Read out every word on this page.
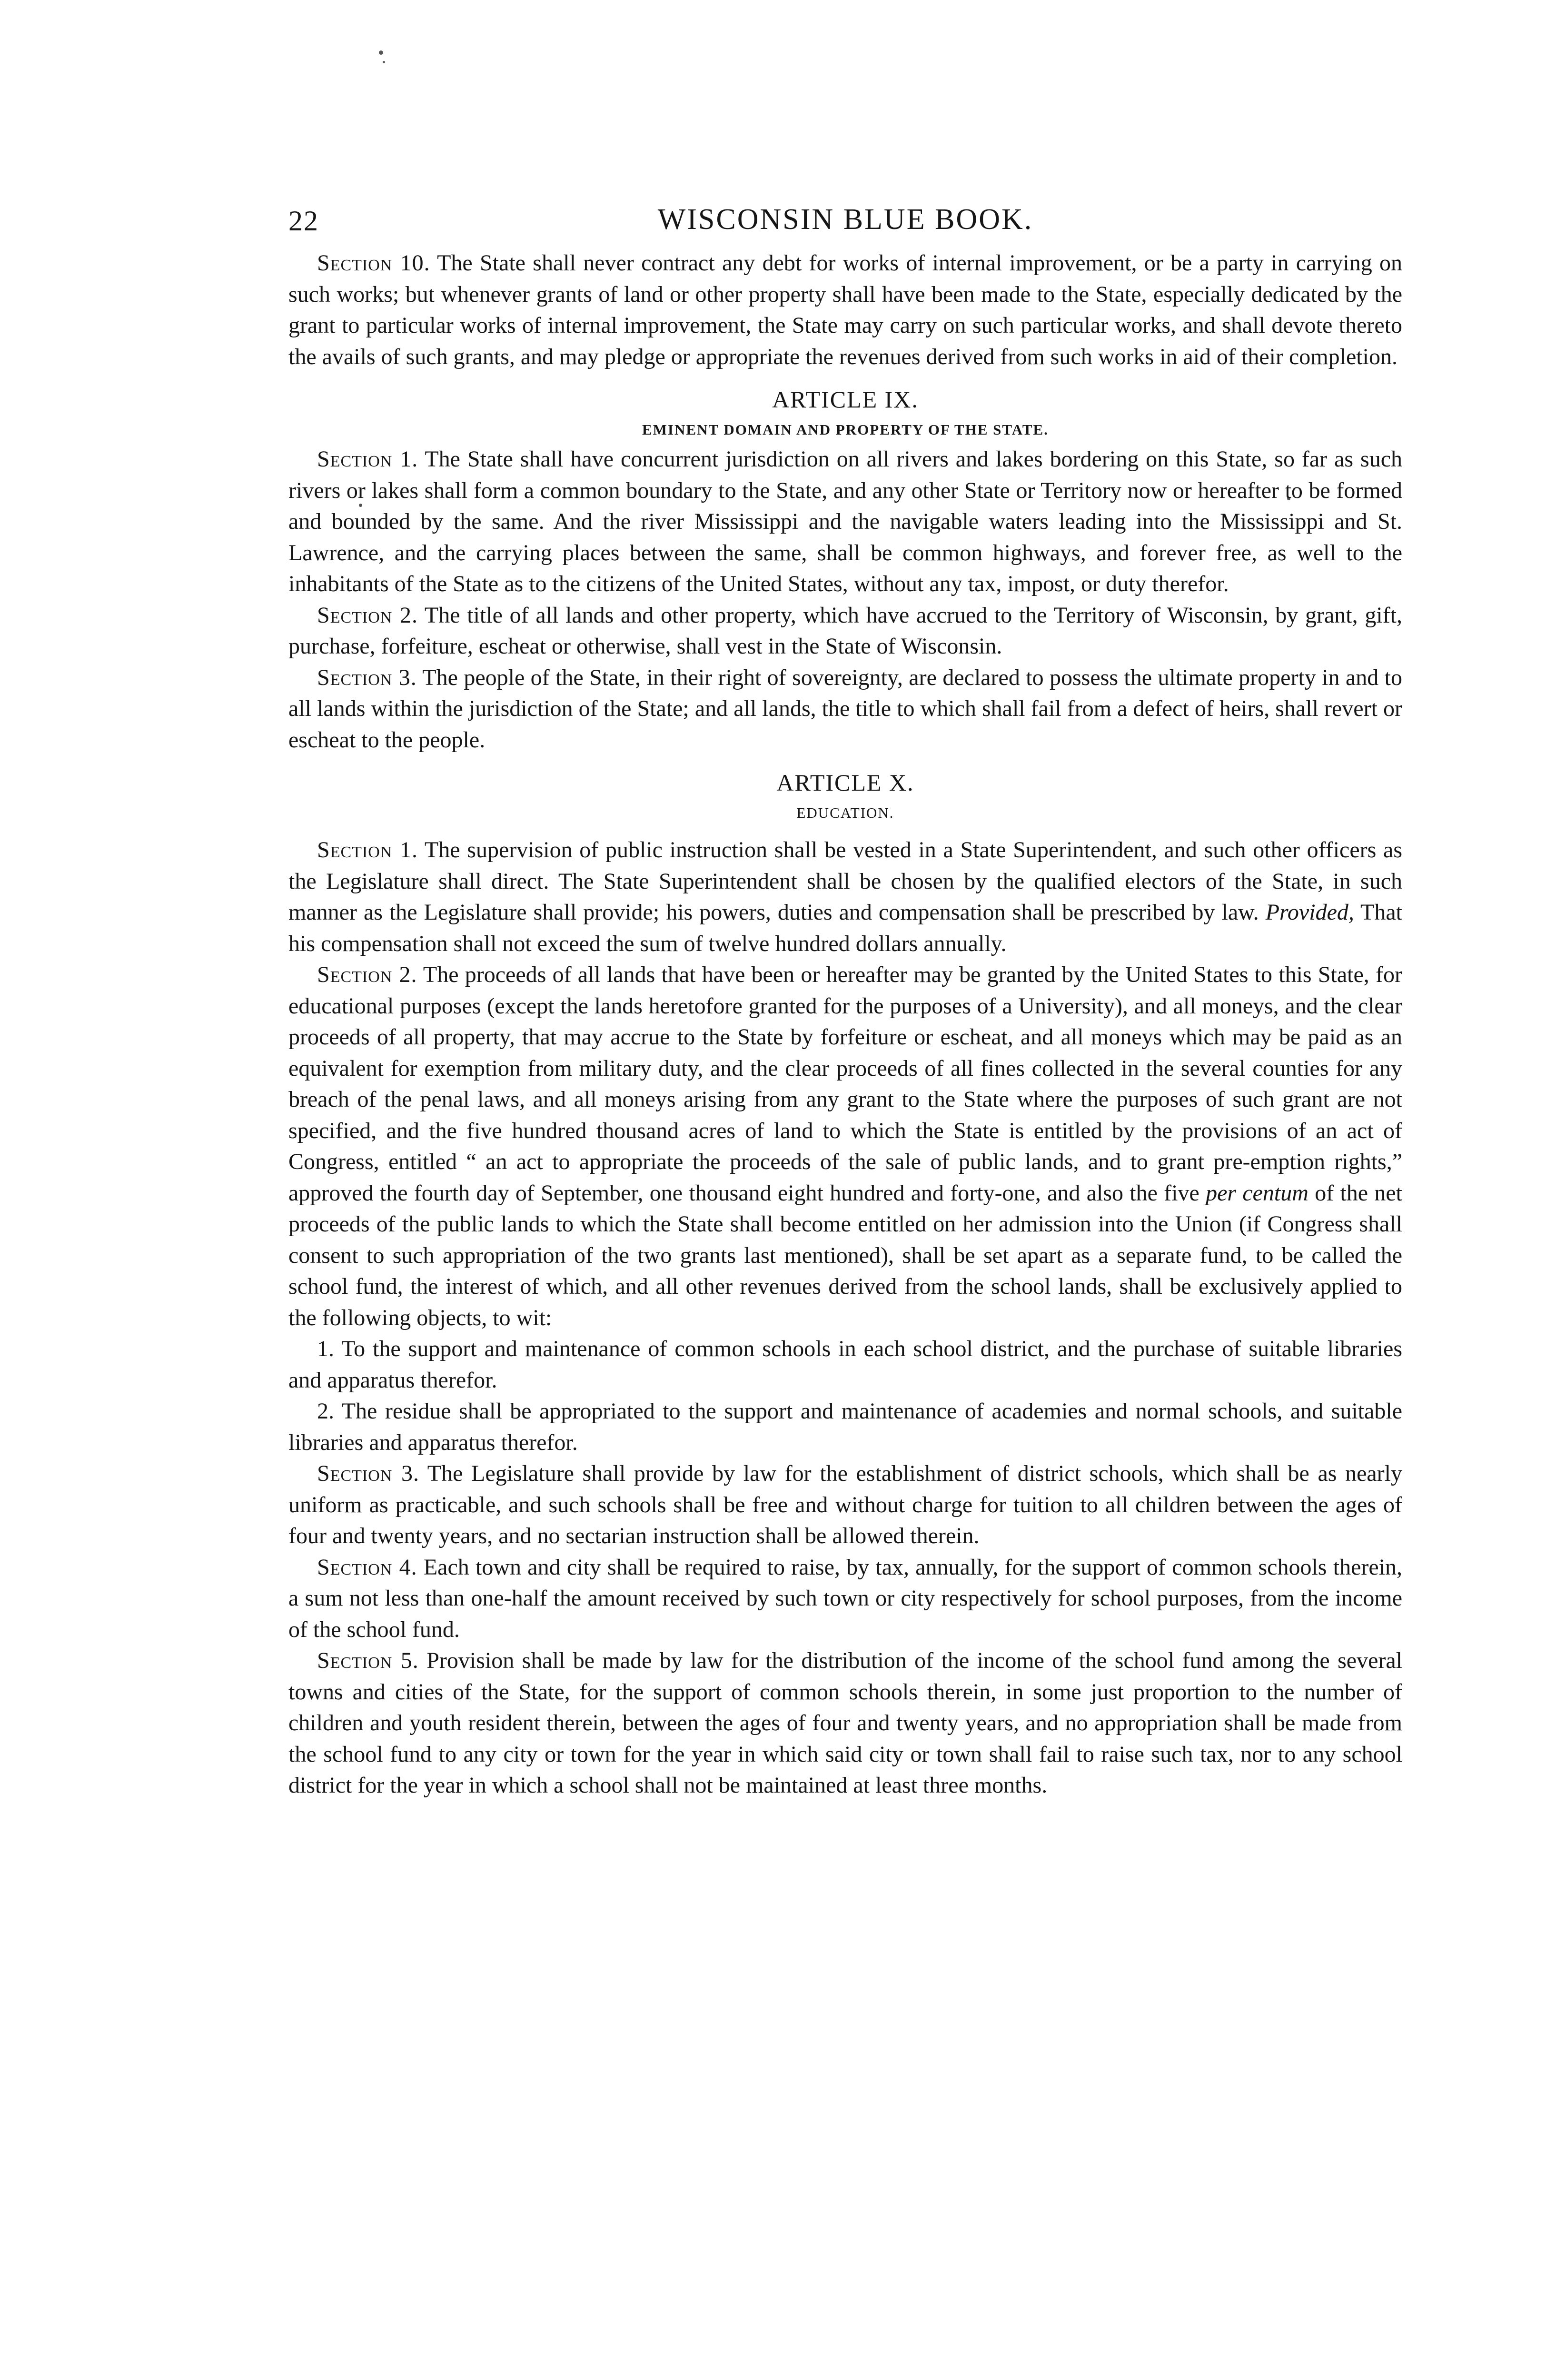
22	WISCONSIN BLUE BOOK.

Section 10. The State shall never contract any debt for works of internal improvement, or be a party in carrying on such works; but whenever grants of land or other property shall have been made to the State, especially dedicated by the grant to particular works of internal improvement, the State may carry on such particular works, and shall devote thereto the avails of such grants, and may pledge or appropriate the revenues derived from such works in aid of their completion.

ARTICLE IX.
EMINENT DOMAIN AND PROPERTY OF THE STATE.

Section 1. The State shall have concurrent jurisdiction on all rivers and lakes bordering on this State, so far as such rivers or lakes shall form a common boundary to the State, and any other State or Territory now or hereafter to be formed and bounded by the same. And the river Mississippi and the navigable waters leading into the Mississippi and St. Lawrence, and the carrying places between the same, shall be common highways, and forever free, as well to the inhabitants of the State as to the citizens of the United States, without any tax, impost, or duty therefor.

Section 2. The title of all lands and other property, which have accrued to the Territory of Wisconsin, by grant, gift, purchase, forfeiture, escheat or otherwise, shall vest in the State of Wisconsin.

Section 3. The people of the State, in their right of sovereignty, are declared to possess the ultimate property in and to all lands within the jurisdiction of the State; and all lands, the title to which shall fail from a defect of heirs, shall revert or escheat to the people.

ARTICLE X.
EDUCATION.

Section 1. The supervision of public instruction shall be vested in a State Superintendent, and such other officers as the Legislature shall direct. The State Superintendent shall be chosen by the qualified electors of the State, in such manner as the Legislature shall provide; his powers, duties and compensation shall be prescribed by law. Provided, That his compensation shall not exceed the sum of twelve hundred dollars annually.

Section 2. The proceeds of all lands that have been or hereafter may be granted by the United States to this State, for educational purposes (except the lands heretofore granted for the purposes of a University), and all moneys, and the clear proceeds of all property, that may accrue to the State by forfeiture or escheat, and all moneys which may be paid as an equivalent for exemption from military duty, and the clear proceeds of all fines collected in the several counties for any breach of the penal laws, and all moneys arising from any grant to the State where the purposes of such grant are not specified, and the five hundred thousand acres of land to which the State is entitled by the provisions of an act of Congress, entitled “ an act to appropriate the proceeds of the sale of public lands, and to grant pre-emption rights,” approved the fourth day of September, one thousand eight hundred and forty-one, and also the five per centum of the net proceeds of the public lands to which the State shall become entitled on her admission into the Union (if Congress shall consent to such appropriation of the two grants last mentioned), shall be set apart as a separate fund, to be called the school fund, the interest of which, and all other revenues derived from the school lands, shall be exclusively applied to the following objects, to wit:

1. To the support and maintenance of common schools in each school district, and the purchase of suitable libraries and apparatus therefor.

2. The residue shall be appropriated to the support and maintenance of academies and normal schools, and suitable libraries and apparatus therefor.

Section 3. The Legislature shall provide by law for the establishment of district schools, which shall be as nearly uniform as practicable, and such schools shall be free and without charge for tuition to all children between the ages of four and twenty years, and no sectarian instruction shall be allowed therein.

Section 4. Each town and city shall be required to raise, by tax, annually, for the support of common schools therein, a sum not less than one-half the amount received by such town or city respectively for school purposes, from the income of the school fund.

Section 5. Provision shall be made by law for the distribution of the income of the school fund among the several towns and cities of the State, for the support of common schools therein, in some just proportion to the number of children and youth resident therein, between the ages of four and twenty years, and no appropriation shall be made from the school fund to any city or town for the year in which said city or town shall fail to raise such tax, nor to any school district for the year in which a school shall not be maintained at least three months.
